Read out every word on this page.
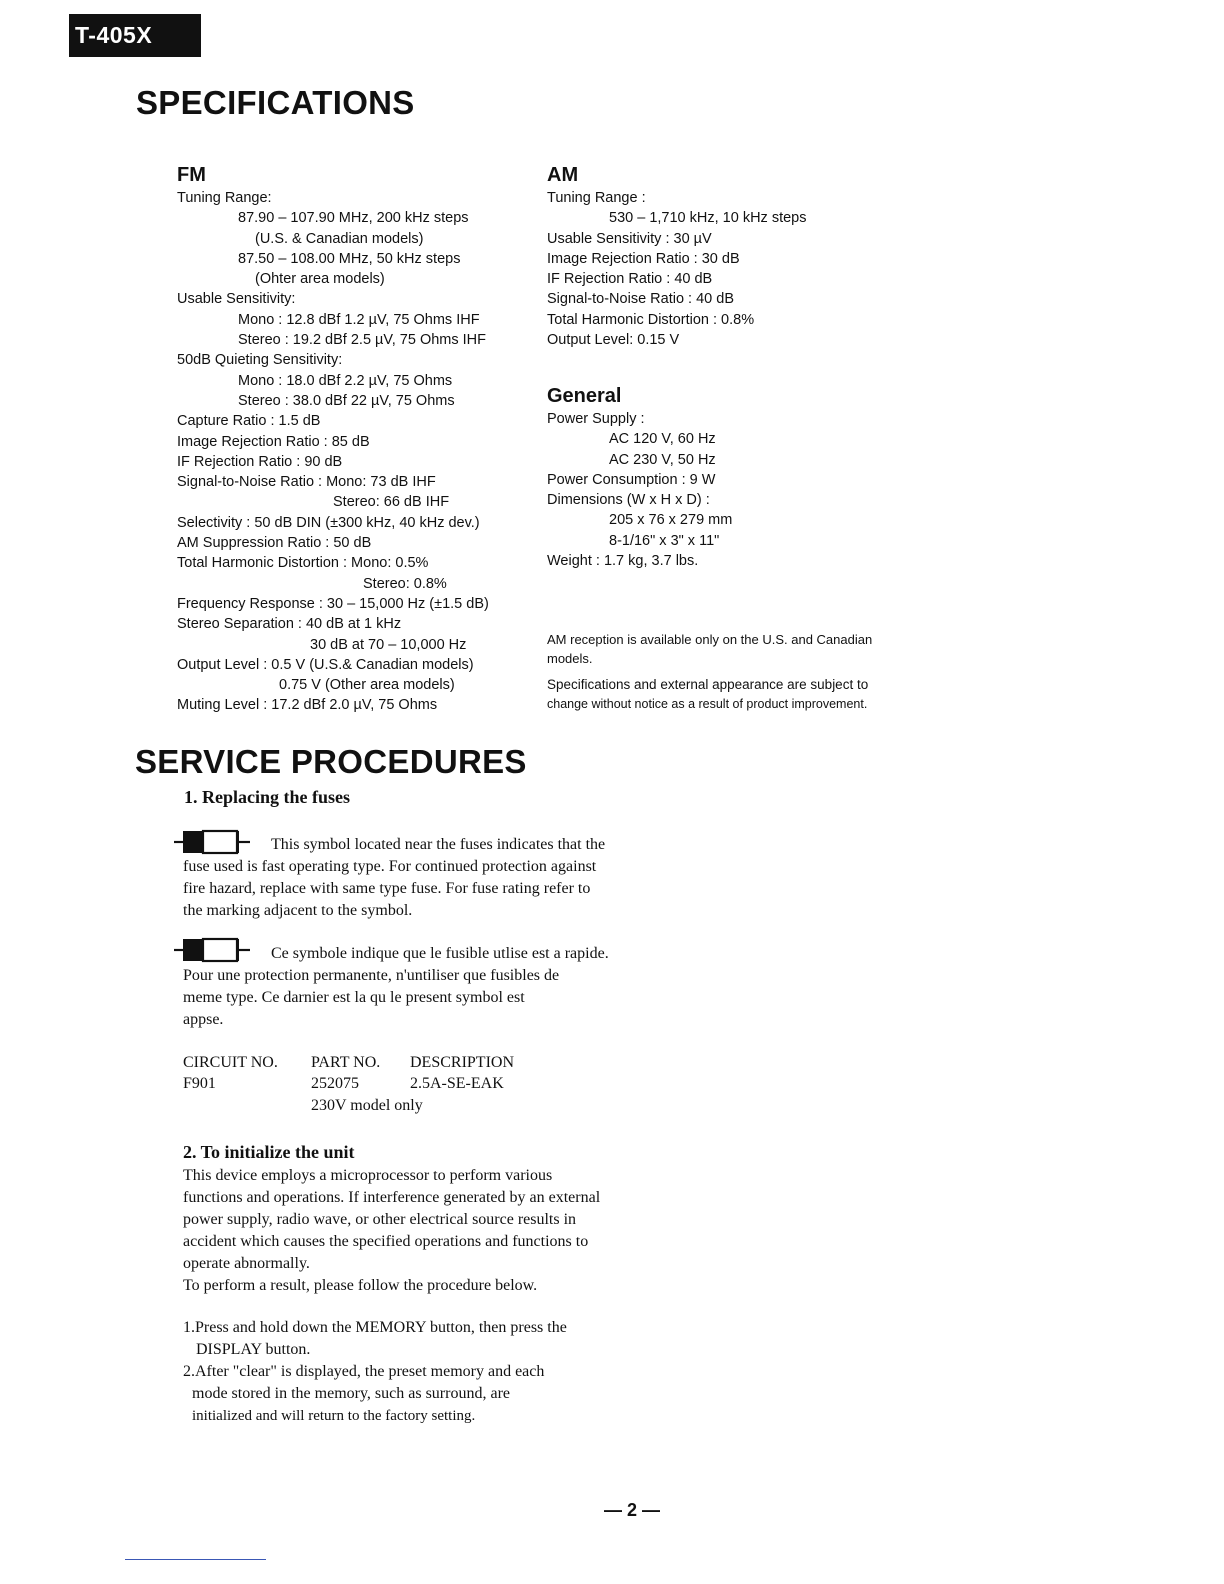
T-405X
SPECIFICATIONS
FM
Tuning Range:
87.90 – 107.90 MHz, 200 kHz steps
(U.S. & Canadian models)
87.50 – 108.00 MHz, 50 kHz steps
(Ohter area models)
Usable Sensitivity:
Mono : 12.8 dBf 1.2 µV, 75 Ohms IHF
Stereo : 19.2 dBf 2.5 µV, 75 Ohms IHF
50dB Quieting Sensitivity:
Mono : 18.0 dBf 2.2 µV, 75 Ohms
Stereo : 38.0 dBf 22 µV, 75 Ohms
Capture Ratio : 1.5 dB
Image Rejection Ratio : 85 dB
IF Rejection Ratio : 90 dB
Signal-to-Noise Ratio : Mono: 73 dB IHF
Stereo: 66 dB IHF
Selectivity : 50 dB DIN (±300 kHz, 40 kHz dev.)
AM Suppression Ratio : 50 dB
Total Harmonic Distortion : Mono: 0.5%
Stereo: 0.8%
Frequency Response : 30 – 15,000 Hz (±1.5 dB)
Stereo Separation : 40 dB at 1 kHz
30 dB at 70 – 10,000 Hz
Output Level : 0.5 V (U.S.& Canadian models)
0.75 V (Other area models)
Muting Level : 17.2 dBf 2.0 µV, 75 Ohms
AM
Tuning Range :
530 – 1,710 kHz, 10 kHz steps
Usable Sensitivity : 30 µV
Image Rejection Ratio : 30 dB
IF Rejection Ratio : 40 dB
Signal-to-Noise Ratio : 40 dB
Total Harmonic Distortion : 0.8%
Output Level: 0.15 V
General
Power Supply :
AC 120 V, 60 Hz
AC 230 V, 50 Hz
Power Consumption : 9 W
Dimensions (W x H x D) :
205 x 76 x 279 mm
8-1/16" x 3" x 11"
Weight : 1.7 kg, 3.7 lbs.
AM reception is available only on the U.S. and Canadian
models.
Specifications and external appearance are subject to
change without notice as a result of product improvement.
SERVICE PROCEDURES
1. Replacing the fuses

This symbol located near the fuses indicates that the

fuse used is fast operating type. For continued protection against

fire hazard, replace with same type fuse. For fuse rating refer to

the marking adjacent to the symbol.

Ce symbole indique que le fusible utlise est a rapide.

Pour une protection permanente, n'untiliser que fusibles de

meme type. Ce darnier est la qu le present symbol est

appse.

CIRCUIT NO. PART NO. DESCRIPTION
F901	252075	2.5A-SE-EAK
230V model only
2. To initialize the unit

This device employs a microprocessor to perform various

functions and operations. If interference generated by an external

power supply, radio wave, or other electrical source results in

accident which causes the specified operations and functions to

operate abnormally.

To perform a result, please follow the procedure below.

1.Press and hold down the MEMORY button, then press the

DISPLAY button.

2.After "clear" is displayed, the preset memory and each

mode stored in the memory, such as surround, are

initialized and will return to the factory setting.

— 2 —
